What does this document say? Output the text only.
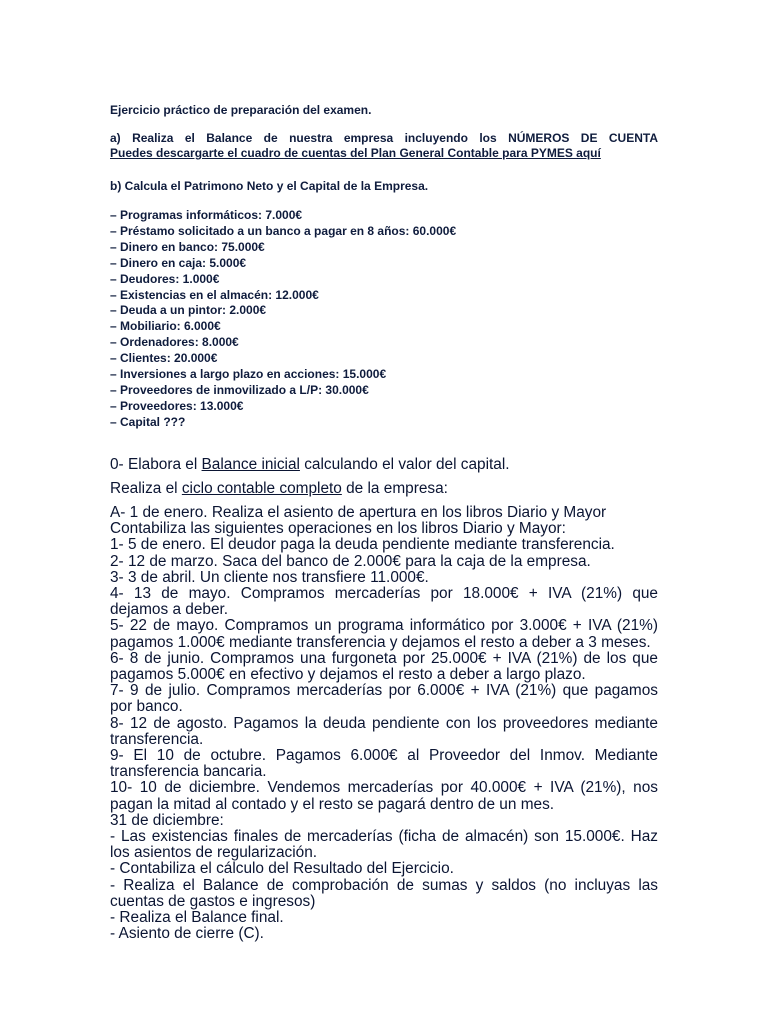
Ejercicio práctico de preparación del examen.
a) Realiza el Balance de nuestra empresa incluyendo los NÚMEROS DE CUENTA
Puedes descargarte el cuadro de cuentas del Plan General Contable para PYMES aquí
b) Calcula el Patrimono Neto y el Capital de la Empresa.
– Programas informáticos: 7.000€
– Préstamo solicitado a un banco a pagar en 8 años: 60.000€
– Dinero en banco: 75.000€
– Dinero en caja: 5.000€
– Deudores: 1.000€
– Existencias en el almacén: 12.000€
– Deuda a un pintor: 2.000€
– Mobiliario: 6.000€
– Ordenadores: 8.000€
– Clientes: 20.000€
– Inversiones a largo plazo en acciones: 15.000€
– Proveedores de inmovilizado a L/P: 30.000€
– Proveedores: 13.000€
– Capital ???
0- Elabora el Balance inicial calculando el valor del capital.
Realiza el ciclo contable completo de la empresa:
A- 1 de enero. Realiza el asiento de apertura en los libros Diario y Mayor
Contabiliza las siguientes operaciones en los libros Diario y Mayor:
1- 5 de enero. El deudor paga la deuda pendiente mediante transferencia.
2- 12 de marzo. Saca del banco de 2.000€ para la caja de la empresa.
3- 3 de abril. Un cliente nos transfiere 11.000€.
4- 13 de mayo. Compramos mercaderías por 18.000€ + IVA (21%) que
dejamos a deber.
5- 22 de mayo. Compramos un programa informático por 3.000€ + IVA (21%)
pagamos 1.000€ mediante transferencia y dejamos el resto a deber a 3 meses.
6- 8 de junio. Compramos una furgoneta por 25.000€ + IVA (21%) de los que
pagamos 5.000€ en efectivo y dejamos el resto a deber a largo plazo.
7- 9 de julio. Compramos mercaderías por 6.000€ + IVA (21%) que pagamos
por banco.
8- 12 de agosto. Pagamos la deuda pendiente con los proveedores mediante
transferencia.
9- El 10 de octubre. Pagamos 6.000€ al Proveedor del Inmov. Mediante
transferencia bancaria.
10- 10 de diciembre. Vendemos mercaderías por 40.000€ + IVA (21%), nos
pagan la mitad al contado y el resto se pagará dentro de un mes.
31 de diciembre:
- Las existencias finales de mercaderías (ficha de almacén) son 15.000€. Haz
los asientos de regularización.
- Contabiliza el cálculo del Resultado del Ejercicio.
- Realiza el Balance de comprobación de sumas y saldos (no incluyas las
cuentas de gastos e ingresos)
- Realiza el Balance final.
- Asiento de cierre (C).
